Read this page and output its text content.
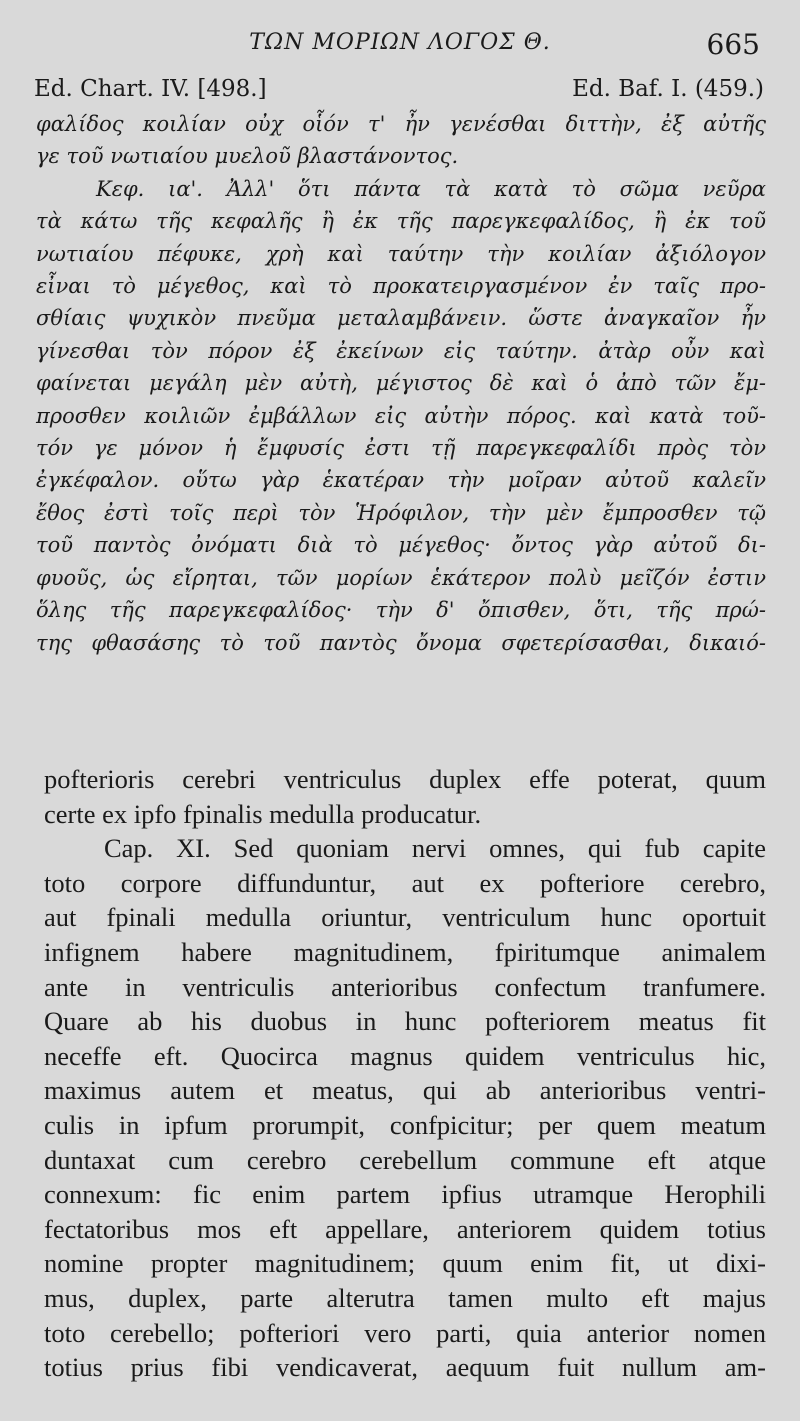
ΤΩΝ ΜΟΡΙΩΝ ΛΟΓΟΣ Θ.	665
Ed. Chart. IV. [498.]	Ed. Baf. I. (459.)
φαλίδος κοιλίαν οὐχ οἷόν τ' ἦν γενέσθαι διττὴν, ἐξ αὐτῆς
γε τοῦ νωτιαίου μυελοῦ βλαστάνοντος.
Κεφ. ια'. Ἀλλ' ὅτι πάντα τὰ κατὰ τὸ σῶμα νεῦρα
τὰ κάτω τῆς κεφαλῆς ἢ ἐκ τῆς παρεγκεφαλίδος, ἢ ἐκ τοῦ
νωτιαίου πέφυκε, χρὴ καὶ ταύτην τὴν κοιλίαν ἀξιόλογον
εἶναι τὸ μέγεθος, καὶ τὸ προκατειργασμένον ἐν ταῖς προ-
σθίαις ψυχικὸν πνεῦμα μεταλαμβάνειν. ὥστε ἀναγκαῖον ἦν
γίνεσθαι τὸν πόρον ἐξ ἐκείνων εἰς ταύτην. ἀτὰρ οὖν καὶ
φαίνεται μεγάλη μὲν αὐτὴ, μέγιστος δὲ καὶ ὁ ἀπὸ τῶν ἔμ-
προσθεν κοιλιῶν ἐμβάλλων εἰς αὐτὴν πόρος. καὶ κατὰ τοῦ-
τόν γε μόνον ἡ ἔμφυσίς ἐστι τῇ παρεγκεφαλίδι πρὸς τὸν
ἐγκέφαλον. οὕτω γὰρ ἑκατέραν τὴν μοῖραν αὐτοῦ καλεῖν
ἔθος ἐστὶ τοῖς περὶ τὸν Ἡρόφιλον, τὴν μὲν ἔμπροσθεν τῷ
τοῦ παντὸς ὀνόματι διὰ τὸ μέγεθος· ὄντος γὰρ αὐτοῦ δι-
φυοῦς, ὡς εἴρηται, τῶν μορίων ἑκάτερον πολὺ μεῖζόν ἐστιν
ὅλης τῆς παρεγκεφαλίδος· τὴν δ' ὄπισθεν, ὅτι, τῆς πρώ-
της φθασάσης τὸ τοῦ παντὸς ὄνομα σφετερίσασθαι, δικαιό-
pofterioris cerebri ventriculus duplex effe poterat, quum
certe ex ipfo fpinalis medulla producatur.
Cap. XI. Sed quoniam nervi omnes, qui fub capite
toto corpore diffunduntur, aut ex pofteriore cerebro,
aut fpinali medulla oriuntur, ventriculum hunc oportuit
infignem habere magnitudinem, fpiritumque animalem
ante in ventriculis anterioribus confectum tranfumere.
Quare ab his duobus in hunc pofteriorem meatus fit
neceffe eft. Quocirca magnus quidem ventriculus hic,
maximus autem et meatus, qui ab anterioribus ventri-
culis in ipfum prorumpit, confpicitur; per quem meatum
duntaxat cum cerebro cerebellum commune eft atque
connexum: fic enim partem ipfius utramque Herophili
fectatoribus mos eft appellare, anteriorem quidem totius
nomine propter magnitudinem; quum enim fit, ut dixi-
mus, duplex, parte alterutra tamen multo eft majus
toto cerebello; pofteriori vero parti, quia anterior nomen
totius prius fibi vendicaverat, aequum fuit nullum am-
